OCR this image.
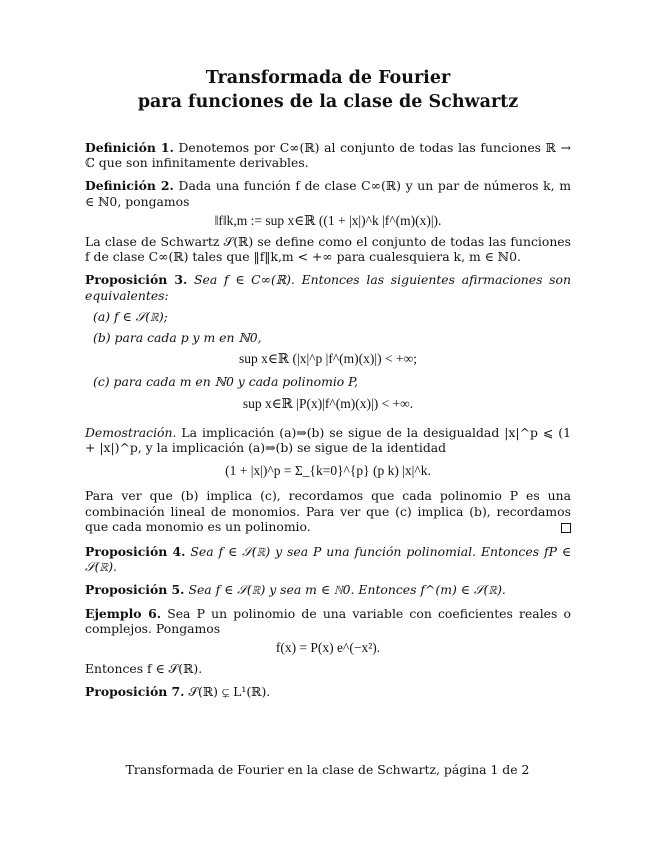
Transformada de Fourier
para funciones de la clase de Schwartz

Definición 1. Denotemos por C∞(ℝ) al conjunto de todas las funciones ℝ → ℂ que son infinitamente derivables.

Definición 2. Dada una función f de clase C∞(ℝ) y un par de números k, m ∈ ℕ0, pongamos

‖f‖k,m := sup x∈ℝ ((1 + |x|)^k |f^(m)(x)|).

La clase de Schwartz 𝒮(ℝ) se define como el conjunto de todas las funciones f de clase C∞(ℝ) tales que ‖f‖k,m < +∞ para cualesquiera k, m ∈ ℕ0.

Proposición 3. Sea f ∈ C∞(ℝ). Entonces las siguientes afirmaciones son equivalentes:

(a) f ∈ 𝒮(ℝ);
(b) para cada p y m en ℕ0,
sup x∈ℝ (|x|^p |f^(m)(x)|) < +∞;
(c) para cada m en ℕ0 y cada polinomio P,
sup x∈ℝ |P(x)|f^(m)(x)|) < +∞.

Demostración. La implicación (a)⇒(b) se sigue de la desigualdad |x|^p ⩽ (1 + |x|)^p, y la implicación (a)⇒(b) se sigue de la identidad

(1 + |x|)^p = Σ_{k=0}^{p} (p k) |x|^k.

Para ver que (b) implica (c), recordamos que cada polinomio P es una combinación lineal de monomios. Para ver que (c) implica (b), recordamos que cada monomio es un polinomio.

Proposición 4. Sea f ∈ 𝒮(ℝ) y sea P una función polinomial. Entonces fP ∈ 𝒮(ℝ).

Proposición 5. Sea f ∈ 𝒮(ℝ) y sea m ∈ ℕ0. Entonces f^(m) ∈ 𝒮(ℝ).

Ejemplo 6. Sea P un polinomio de una variable con coeficientes reales o complejos. Pongamos

f(x) = P(x) e^(−x²).

Entonces f ∈ 𝒮(ℝ).

Proposición 7. 𝒮(ℝ) ⊊ L¹(ℝ).

Transformada de Fourier en la clase de Schwartz, página 1 de 2
